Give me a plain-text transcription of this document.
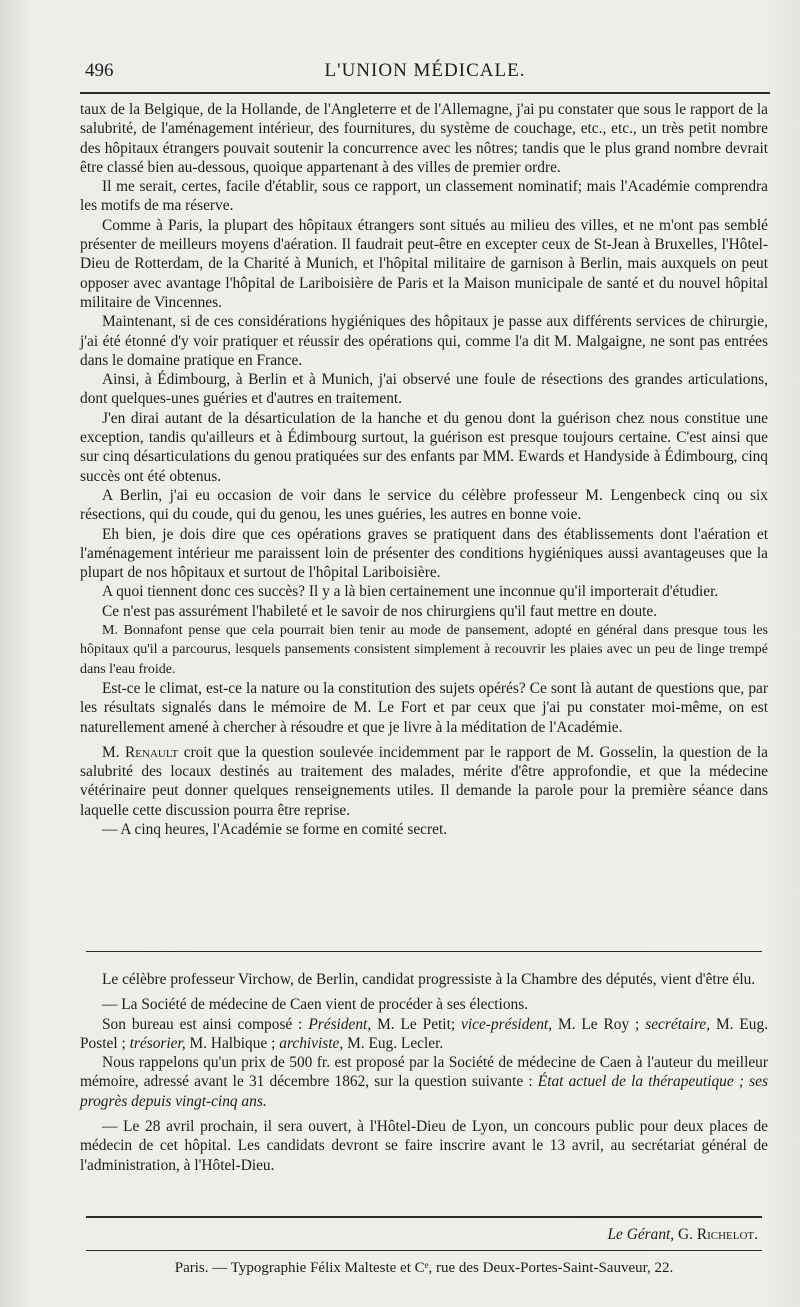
496	L'UNION MÉDICALE.

taux de la Belgique, de la Hollande, de l'Angleterre et de l'Allemagne, j'ai pu constater que sous le rapport de la salubrité, de l'aménagement intérieur, des fournitures, du système de couchage, etc., etc., un très petit nombre des hôpitaux étrangers pouvait soutenir la concurrence avec les nôtres; tandis que le plus grand nombre devrait être classé bien au-dessous, quoique appartenant à des villes de premier ordre.

Il me serait, certes, facile d'établir, sous ce rapport, un classement nominatif; mais l'Académie comprendra les motifs de ma réserve.

Comme à Paris, la plupart des hôpitaux étrangers sont situés au milieu des villes, et ne m'ont pas semblé présenter de meilleurs moyens d'aération. Il faudrait peut-être en excepter ceux de St-Jean à Bruxelles, l'Hôtel-Dieu de Rotterdam, de la Charité à Munich, et l'hôpital militaire de garnison à Berlin, mais auxquels on peut opposer avec avantage l'hôpital de Lariboisière de Paris et la Maison municipale de santé et du nouvel hôpital militaire de Vincennes.

Maintenant, si de ces considérations hygiéniques des hôpitaux je passe aux différents services de chirurgie, j'ai été étonné d'y voir pratiquer et réussir des opérations qui, comme l'a dit M. Malgaigne, ne sont pas entrées dans le domaine pratique en France.

Ainsi, à Édimbourg, à Berlin et à Munich, j'ai observé une foule de résections des grandes articulations, dont quelques-unes guéries et d'autres en traitement.

J'en dirai autant de la désarticulation de la hanche et du genou dont la guérison chez nous constitue une exception, tandis qu'ailleurs et à Édimbourg surtout, la guérison est presque toujours certaine. C'est ainsi que sur cinq désarticulations du genou pratiquées sur des enfants par MM. Ewards et Handyside à Édimbourg, cinq succès ont été obtenus.

A Berlin, j'ai eu occasion de voir dans le service du célèbre professeur M. Lengenbeck cinq ou six résections, qui du coude, qui du genou, les unes guéries, les autres en bonne voie.

Eh bien, je dois dire que ces opérations graves se pratiquent dans des établissements dont l'aération et l'aménagement intérieur me paraissent loin de présenter des conditions hygiéniques aussi avantageuses que la plupart de nos hôpitaux et surtout de l'hôpital Lariboisière.

A quoi tiennent donc ces succès? Il y a là bien certainement une inconnue qu'il importerait d'étudier.

Ce n'est pas assurément l'habileté et le savoir de nos chirurgiens qu'il faut mettre en doute.

M. Bonnafont pense que cela pourrait bien tenir au mode de pansement, adopté en général dans presque tous les hôpitaux qu'il a parcourus, lesquels pansements consistent simplement à recouvrir les plaies avec un peu de linge trempé dans l'eau froide.

Est-ce le climat, est-ce la nature ou la constitution des sujets opérés? Ce sont là autant de questions que, par les résultats signalés dans le mémoire de M. Le Fort et par ceux que j'ai pu constater moi-même, on est naturellement amené à chercher à résoudre et que je livre à la méditation de l'Académie.

M. Renault croit que la question soulevée incidemment par le rapport de M. Gosselin, la question de la salubrité des locaux destinés au traitement des malades, mérite d'être approfondie, et que la médecine vétérinaire peut donner quelques renseignements utiles. Il demande la parole pour la première séance dans laquelle cette discussion pourra être reprise.

— A cinq heures, l'Académie se forme en comité secret.

Le célèbre professeur Virchow, de Berlin, candidat progressiste à la Chambre des députés, vient d'être élu.

— La Société de médecine de Caen vient de procéder à ses élections.

Son bureau est ainsi composé : Président, M. Le Petit; vice-président, M. Le Roy ; secrétaire, M. Eug. Postel ; trésorier, M. Halbique ; archiviste, M. Eug. Lecler.

Nous rappelons qu'un prix de 500 fr. est proposé par la Société de médecine de Caen à l'auteur du meilleur mémoire, adressé avant le 31 décembre 1862, sur la question suivante : État actuel de la thérapeutique ; ses progrès depuis vingt-cinq ans.

— Le 28 avril prochain, il sera ouvert, à l'Hôtel-Dieu de Lyon, un concours public pour deux places de médecin de cet hôpital. Les candidats devront se faire inscrire avant le 13 avril, au secrétariat général de l'administration, à l'Hôtel-Dieu.

Le Gérant, G. Richelot.
Paris. — Typographie Félix Malteste et Cᵉ, rue des Deux-Portes-Saint-Sauveur, 22.
